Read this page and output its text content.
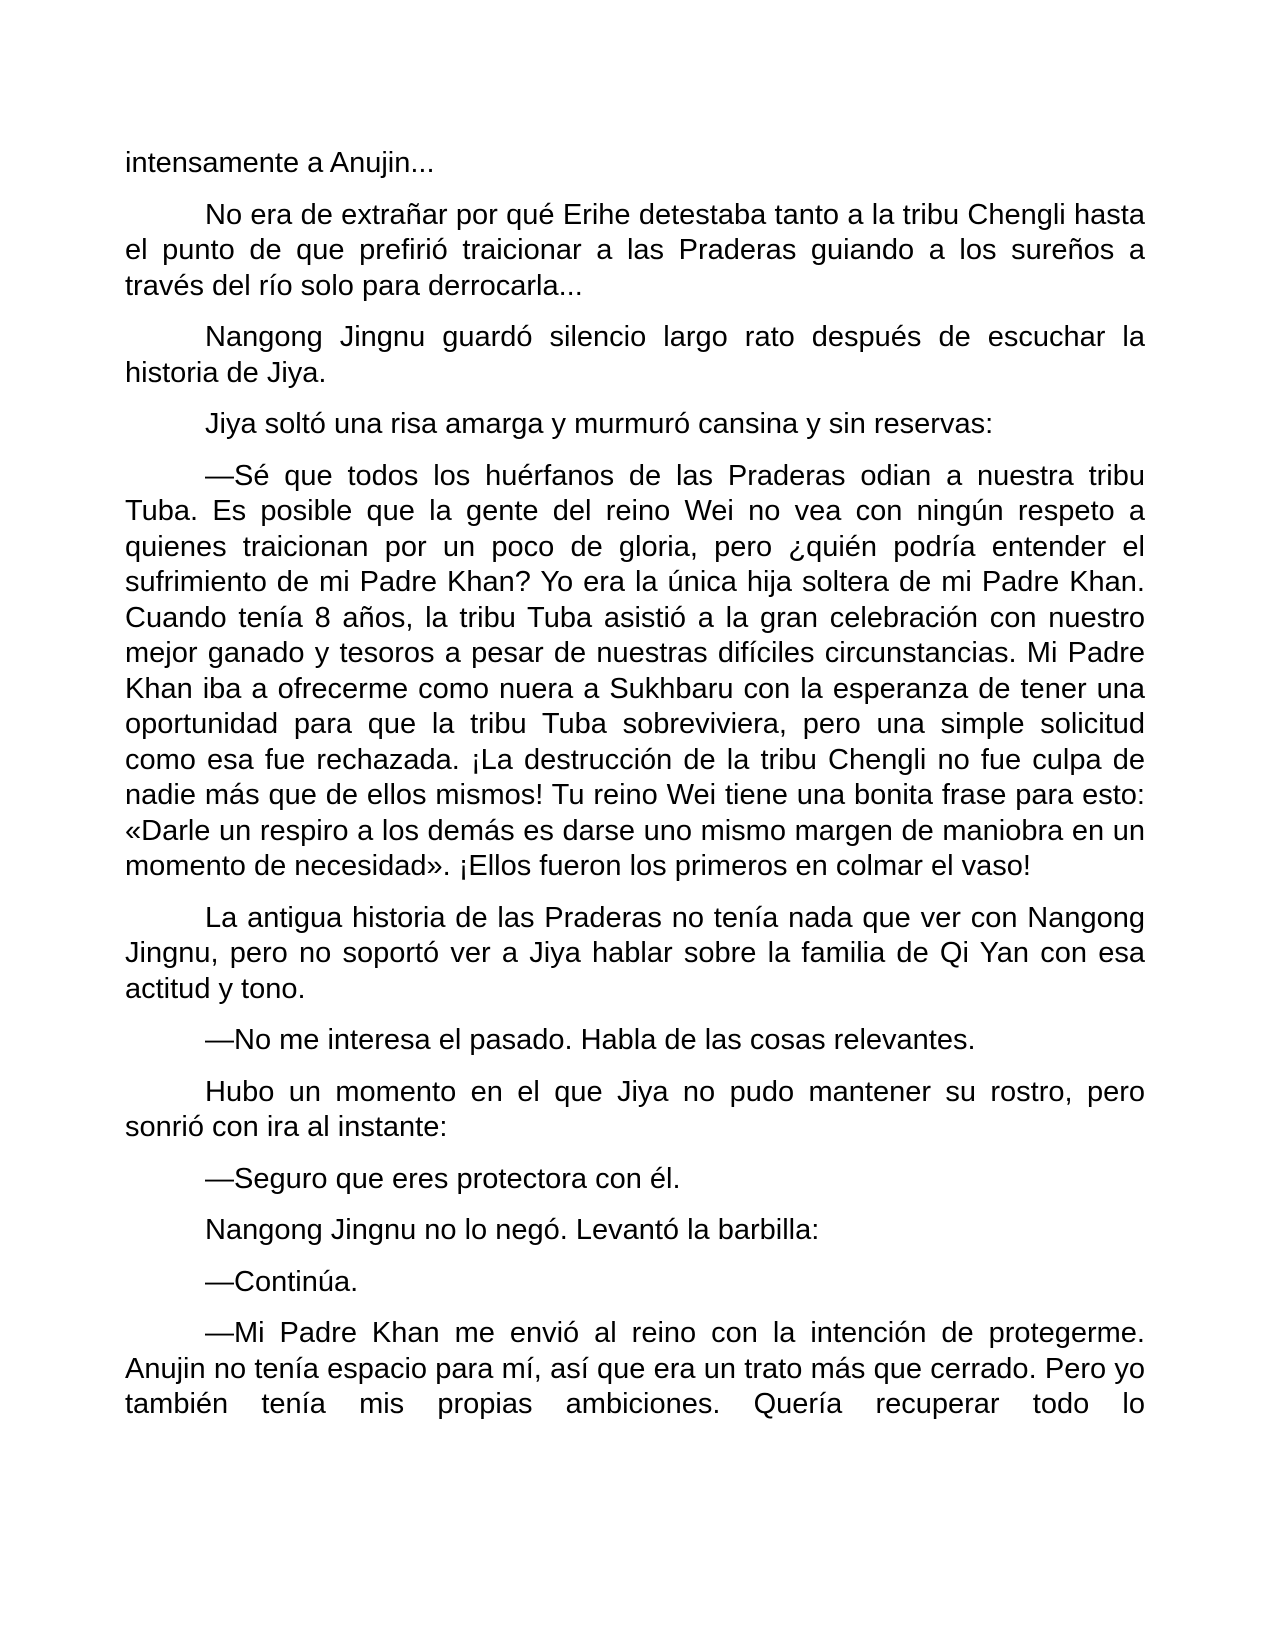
intensamente a Anujin...

No era de extrañar por qué Erihe detestaba tanto a la tribu Chengli hasta el punto de que prefirió traicionar a las Praderas guiando a los sureños a través del río solo para derrocarla...

Nangong Jingnu guardó silencio largo rato después de escuchar la historia de Jiya.

Jiya soltó una risa amarga y murmuró cansina y sin reservas:

—Sé que todos los huérfanos de las Praderas odian a nuestra tribu Tuba. Es posible que la gente del reino Wei no vea con ningún respeto a quienes traicionan por un poco de gloria, pero ¿quién podría entender el sufrimiento de mi Padre Khan? Yo era la única hija soltera de mi Padre Khan. Cuando tenía 8 años, la tribu Tuba asistió a la gran celebración con nuestro mejor ganado y tesoros a pesar de nuestras difíciles circunstancias. Mi Padre Khan iba a ofrecerme como nuera a Sukhbaru con la esperanza de tener una oportunidad para que la tribu Tuba sobreviviera, pero una simple solicitud como esa fue rechazada. ¡La destrucción de la tribu Chengli no fue culpa de nadie más que de ellos mismos! Tu reino Wei tiene una bonita frase para esto: «Darle un respiro a los demás es darse uno mismo margen de maniobra en un momento de necesidad». ¡Ellos fueron los primeros en colmar el vaso!

La antigua historia de las Praderas no tenía nada que ver con Nangong Jingnu, pero no soportó ver a Jiya hablar sobre la familia de Qi Yan con esa actitud y tono.

—No me interesa el pasado. Habla de las cosas relevantes.

Hubo un momento en el que Jiya no pudo mantener su rostro, pero sonrió con ira al instante:

—Seguro que eres protectora con él.

Nangong Jingnu no lo negó. Levantó la barbilla:

—Continúa.

—Mi Padre Khan me envió al reino con la intención de protegerme. Anujin no tenía espacio para mí, así que era un trato más que cerrado. Pero yo también tenía mis propias ambiciones. Quería recuperar todo lo
